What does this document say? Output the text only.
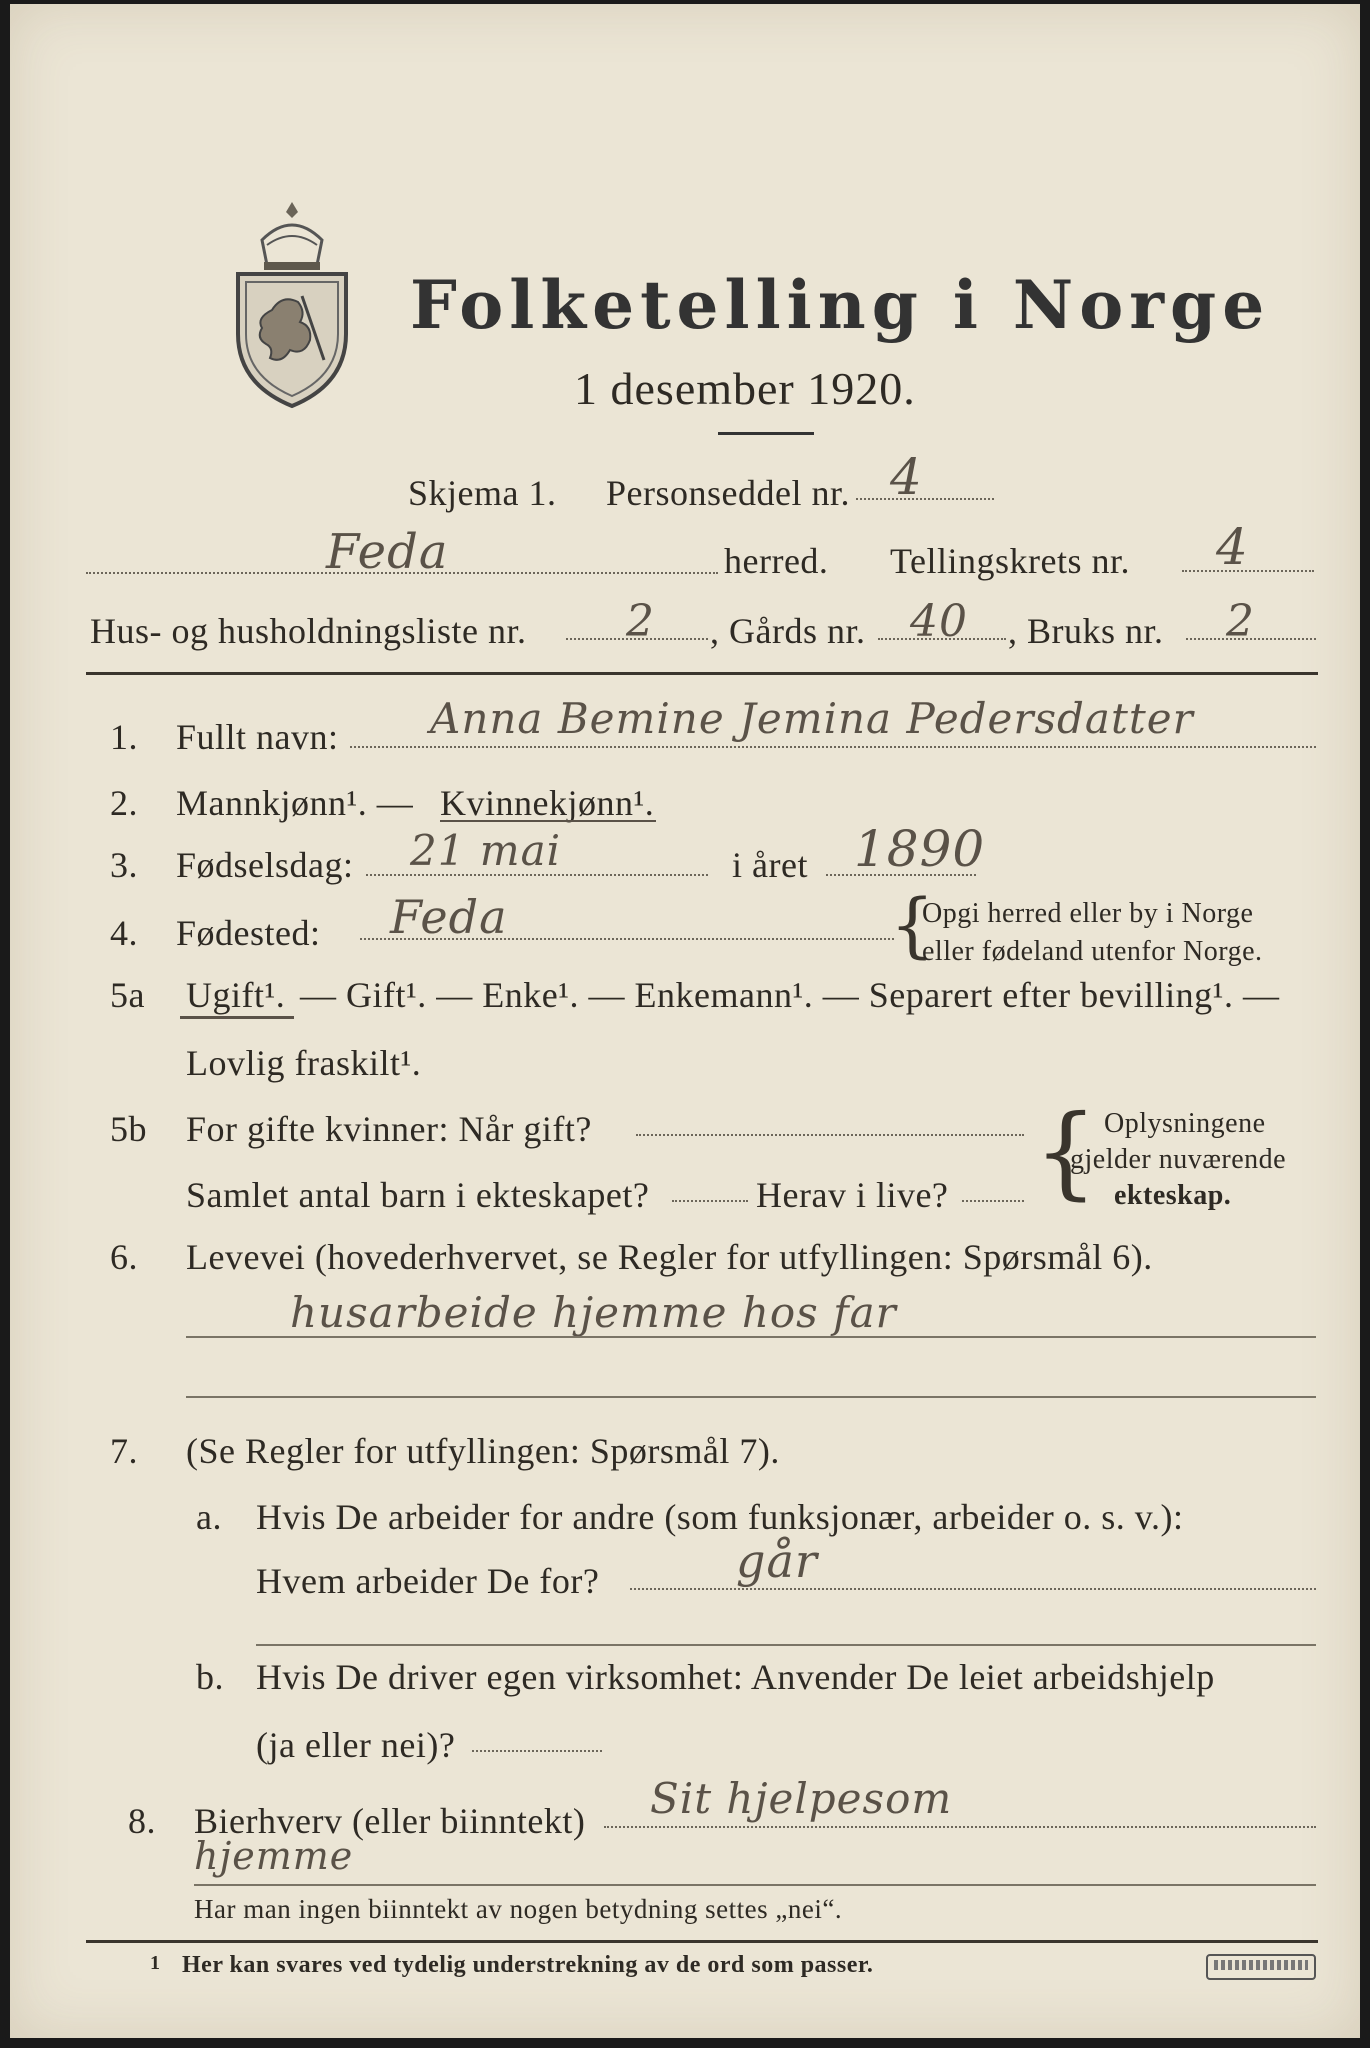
Folketelling i Norge
1 desember 1920.
Skjema 1. Personseddel nr. 4
Feda	herred. Tellingskrets nr. 4
Hus- og husholdningsliste nr. 2 , Gårds nr. 40 , Bruks nr. 2
1. Fullt navn: Anna Bemine Jemina Pedersdatter
2. Mannkjønn¹. — Kvinnekjønn¹.
3. Fødselsdag: 21 mai	i året 1890
4. Fødested: Feda	{
Opgi herred eller by i Norge
eller fødeland utenfor Norge.
5a Ugift¹. — Gift¹. — Enke¹. — Enkemann¹. — Separert efter bevilling¹. —
Lovlig fraskilt¹.
5b For gifte kvinner: Når gift?
Samlet antal barn i ekteskapet?	Herav i live? { Oplysningene
gjelder nuværende
ekteskap.
6. Levevei (hovederhvervet, se Regler for utfyllingen: Spørsmål 6).
husarbeide hjemme hos far
7. (Se Regler for utfyllingen: Spørsmål 7).
a. Hvis De arbeider for andre (som funksjonær, arbeider o. s. v.):
Hvem arbeider De for?	går
b. Hvis De driver egen virksomhet: Anvender De leiet arbeidshjelp
(ja eller nei)?
8. Bierhverv (eller biinntekt) Sit hjelpesom
hjemme
Har man ingen biinntekt av nogen betydning settes „nei“.
1 Her kan svares ved tydelig understrekning av de ord som passer.
